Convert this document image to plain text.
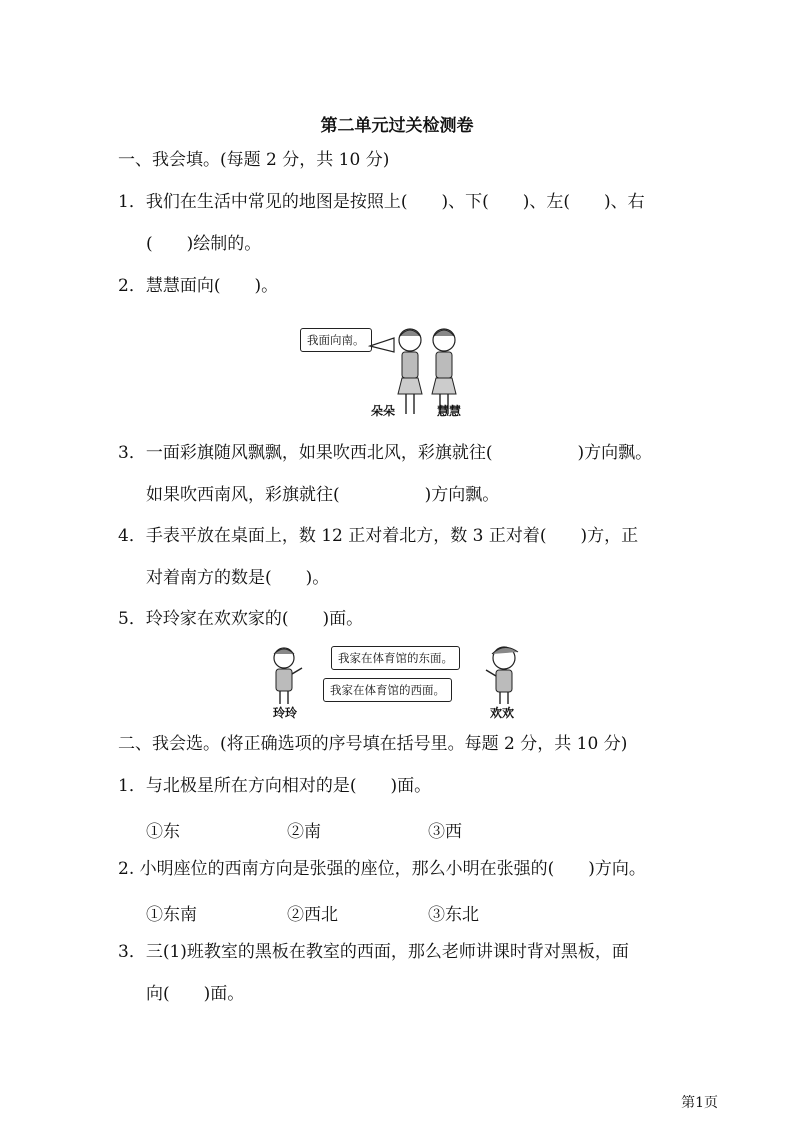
第二单元过关检测卷
一、我会填。(每题 2 分，共 10 分)
1．我们在生活中常见的地图是按照上(　　)、下(　　)、左(　　)、右
(　　)绘制的。
2．慧慧面向(　　)。
我面向南。
朵朵	慧慧
3．一面彩旗随风飘飘，如果吹西北风，彩旗就往(　　　　　)方向飘。
如果吹西南风，彩旗就往(　　　　　)方向飘。
4．手表平放在桌面上，数 12 正对着北方，数 3 正对着(　　)方，正
对着南方的数是(　　)。
5．玲玲家在欢欢家的(　　)面。
我家在体育馆的东面。
我家在体育馆的西面。
玲玲	欢欢
二、我会选。(将正确选项的序号填在括号里。每题 2 分，共 10 分)
1．与北极星所在方向相对的是(　　)面。
①东	②南	③西
2. 小明座位的西南方向是张强的座位，那么小明在张强的(　　)方向。
①东南	②西北	③东北
3．三(1)班教室的黑板在教室的西面，那么老师讲课时背对黑板，面
向(　　)面。
第1页
